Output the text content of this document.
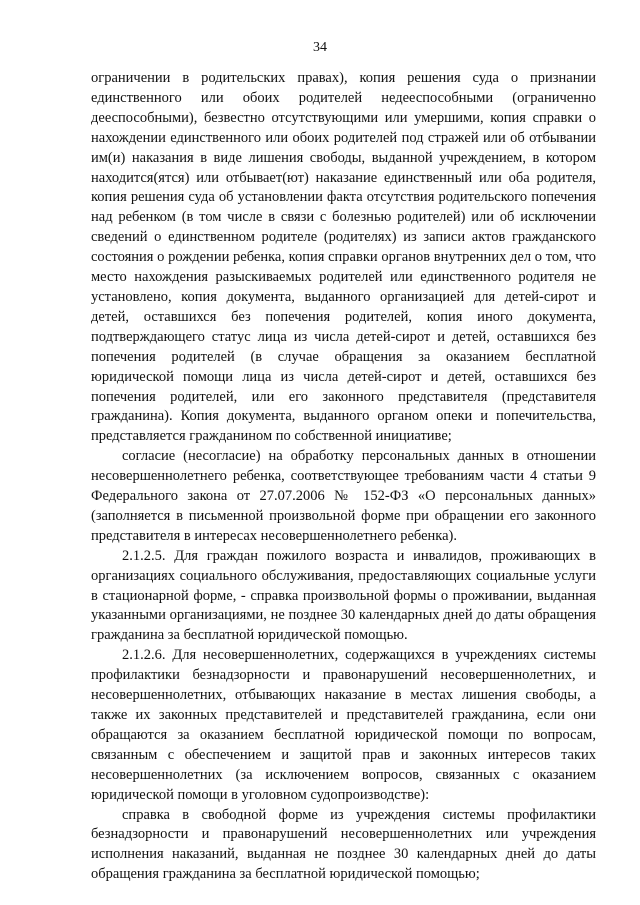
34

ограничении в родительских правах), копия решения суда о признании единственного или обоих родителей недееспособными (ограниченно дееспособными), безвестно отсутствующими или умершими, копия справки о нахождении единственного или обоих родителей под стражей или об отбывании им(и) наказания в виде лишения свободы, выданной учреждением, в котором находится(ятся) или отбывает(ют) наказание единственный или оба родителя, копия решения суда об установлении факта отсутствия родительского попечения над ребенком (в том числе в связи с болезнью родителей) или об исключении сведений о единственном родителе (родителях) из записи актов гражданского состояния о рождении ребенка, копия справки органов внутренних дел о том, что место нахождения разыскиваемых родителей или единственного родителя не установлено, копия документа, выданного организацией для детей-сирот и детей, оставшихся без попечения родителей, копия иного документа, подтверждающего статус лица из числа детей-сирот и детей, оставшихся без попечения родителей (в случае обращения за оказанием бесплатной юридической помощи лица из числа детей-сирот и детей, оставшихся без попечения родителей, или его законного представителя (представителя гражданина). Копия документа, выданного органом опеки и попечительства, представляется гражданином по собственной инициативе;

согласие (несогласие) на обработку персональных данных в отношении несовершеннолетнего ребенка, соответствующее требованиям части 4 статьи 9 Федерального закона от 27.07.2006 № 152-ФЗ «О персональных данных» (заполняется в письменной произвольной форме при обращении его законного представителя в интересах несовершеннолетнего ребенка).

2.1.2.5. Для граждан пожилого возраста и инвалидов, проживающих в организациях социального обслуживания, предоставляющих социальные услуги в стационарной форме, - справка произвольной формы о проживании, выданная указанными организациями, не позднее 30 календарных дней до даты обращения гражданина за бесплатной юридической помощью.

2.1.2.6. Для несовершеннолетних, содержащихся в учреждениях системы профилактики безнадзорности и правонарушений несовершеннолетних, и несовершеннолетних, отбывающих наказание в местах лишения свободы, а также их законных представителей и представителей гражданина, если они обращаются за оказанием бесплатной юридической помощи по вопросам, связанным с обеспечением и защитой прав и законных интересов таких несовершеннолетних (за исключением вопросов, связанных с оказанием юридической помощи в уголовном судопроизводстве):

справка в свободной форме из учреждения системы профилактики безнадзорности и правонарушений несовершеннолетних или учреждения исполнения наказаний, выданная не позднее 30 календарных дней до даты обращения гражданина за бесплатной юридической помощью;
